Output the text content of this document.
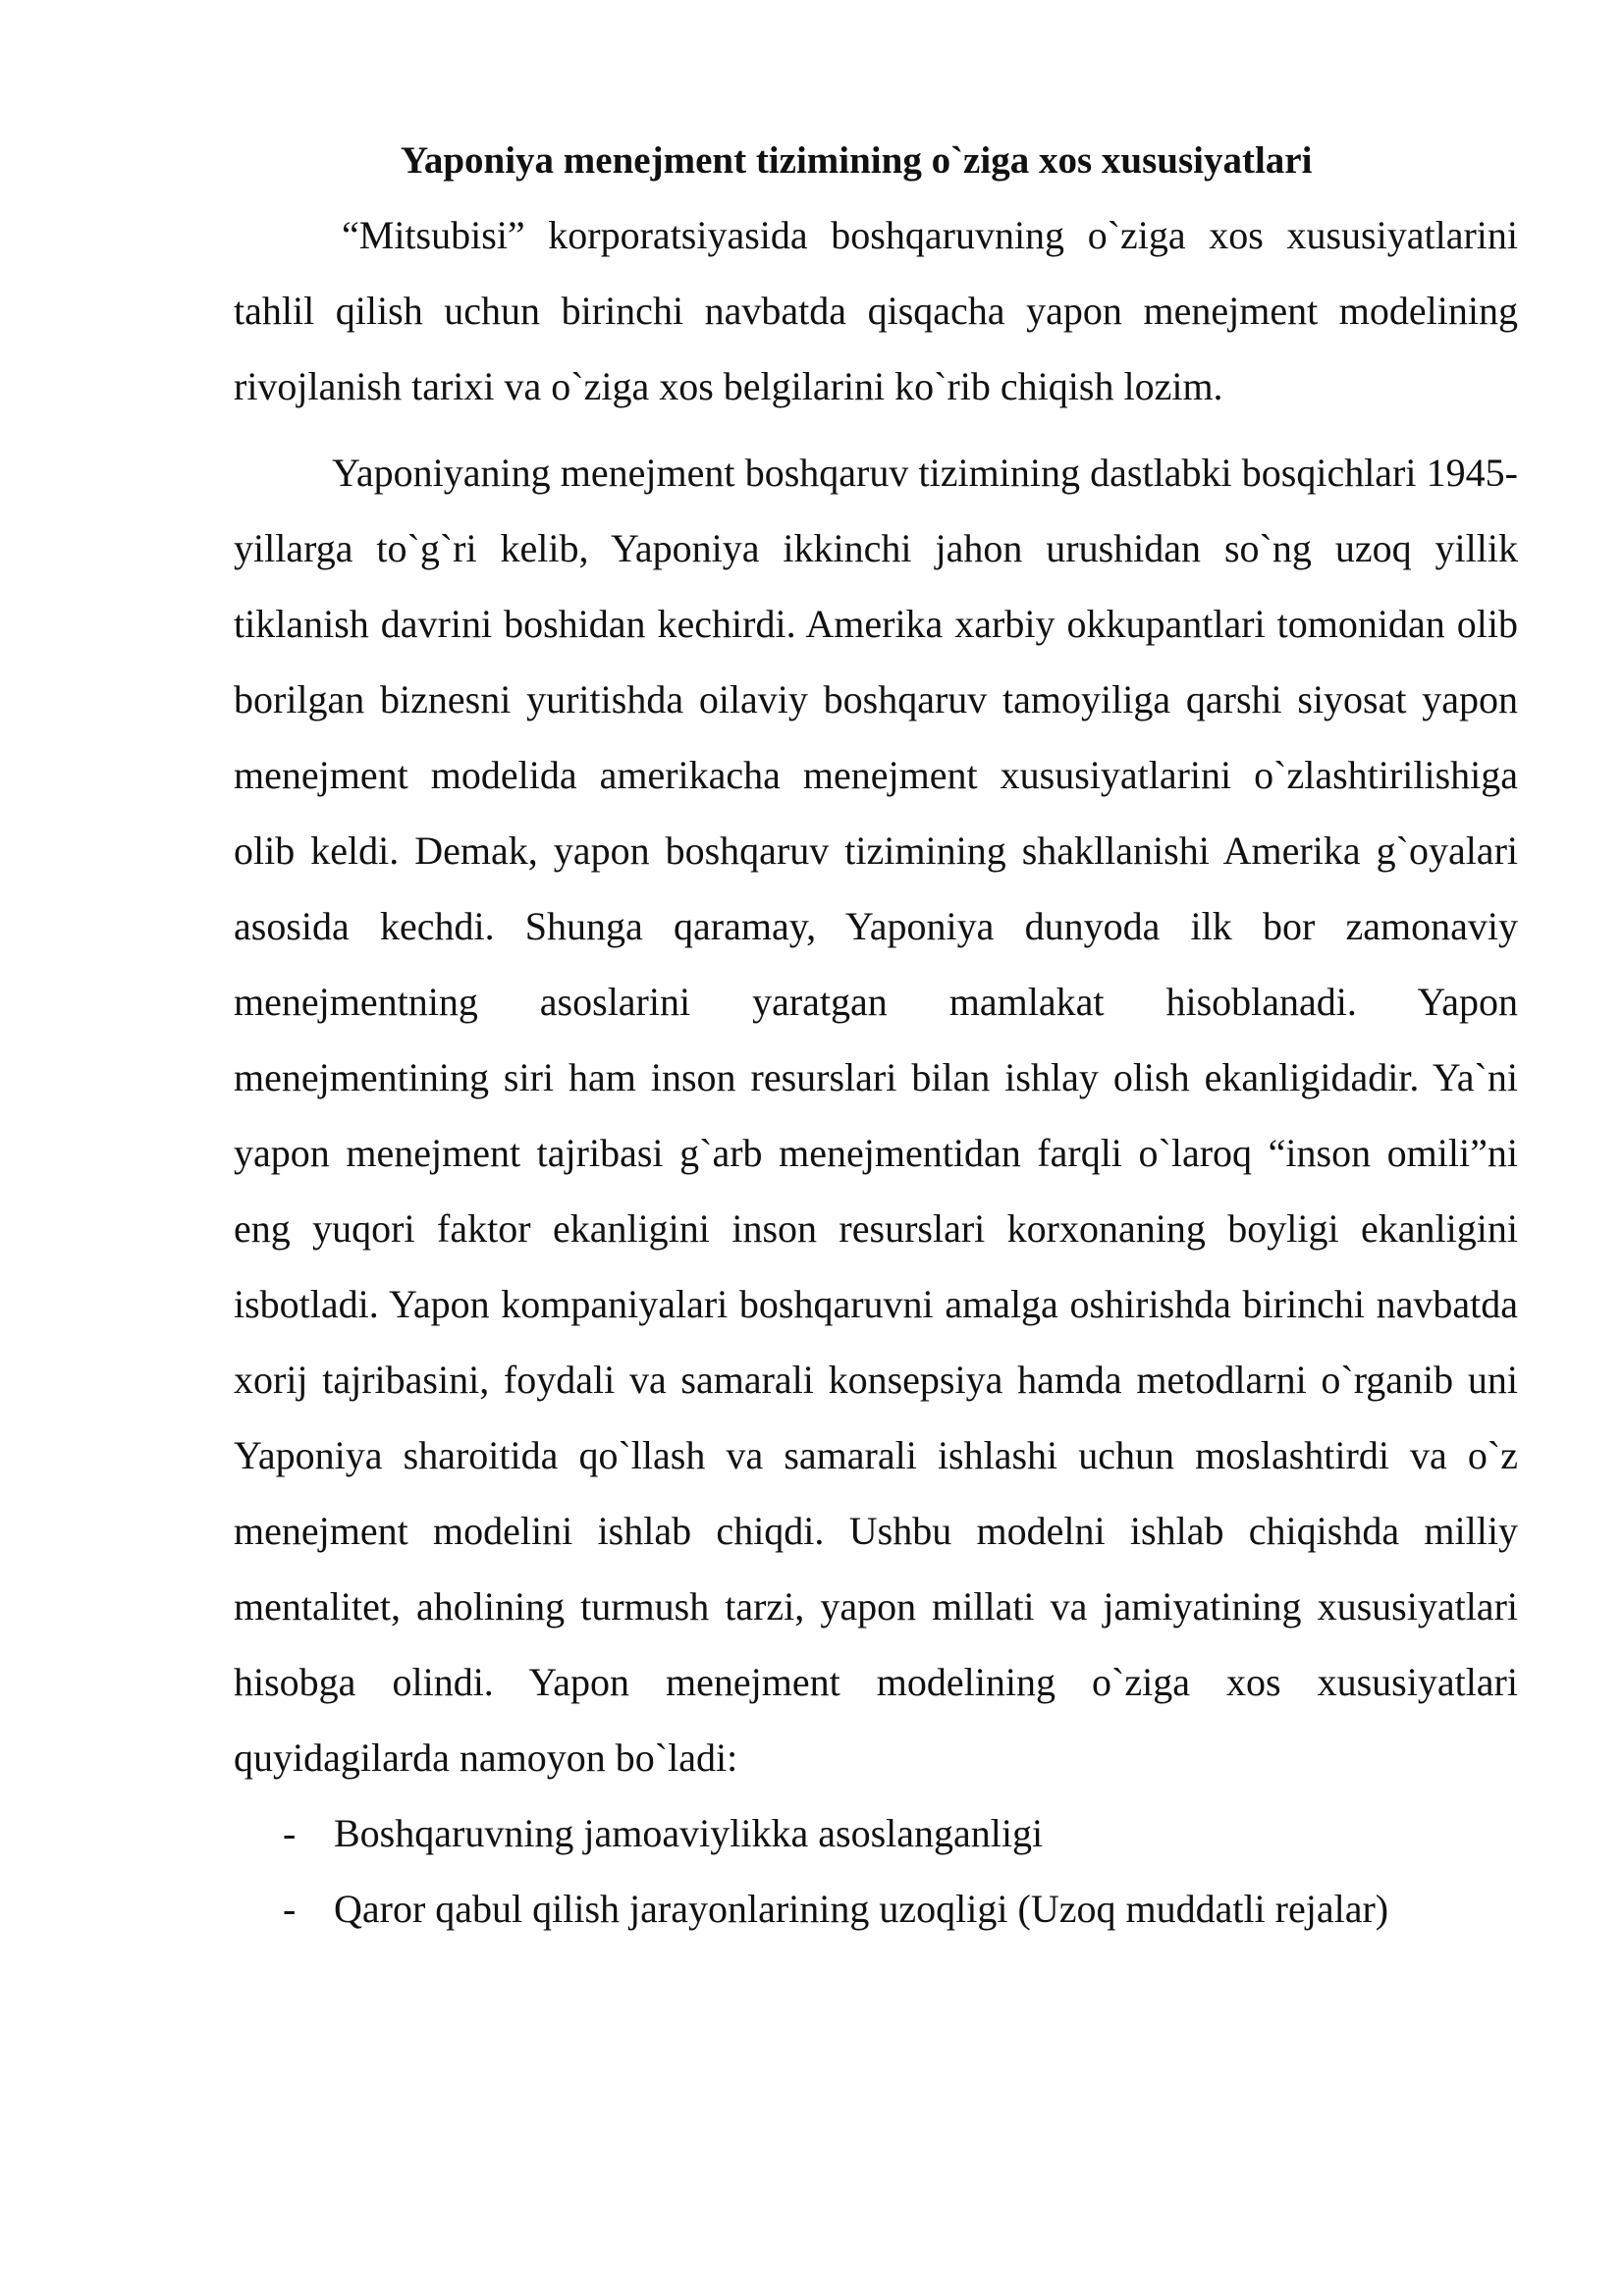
Yaponiya menejment tizimining o`ziga xos xususiyatlari

“Mitsubisi” korporatsiyasida boshqaruvning o`ziga xos xususiyatlarini tahlil qilish uchun birinchi navbatda qisqacha yapon menejment modelining rivojlanish tarixi va o`ziga xos belgilarini ko`rib chiqish lozim.

Yaponiyaning menejment boshqaruv tizimining dastlabki bosqichlari 1945-yillarga to`g`ri kelib, Yaponiya ikkinchi jahon urushidan so`ng uzoq yillik tiklanish davrini boshidan kechirdi. Amerika xarbiy okkupantlari tomonidan olib borilgan biznesni yuritishda oilaviy boshqaruv tamoyiliga qarshi siyosat yapon menejment modelida amerikacha menejment xususiyatlarini o`zlashtirilishiga olib keldi. Demak, yapon boshqaruv tizimining shakllanishi Amerika g`oyalari asosida kechdi. Shunga qaramay, Yaponiya dunyoda ilk bor zamonaviy menejmentning asoslarini yaratgan mamlakat hisoblanadi. Yapon menejmentining siri ham inson resurslari bilan ishlay olish ekanligidadir. Ya`ni yapon menejment tajribasi g`arb menejmentidan farqli o`laroq “inson omili”ni eng yuqori faktor ekanligini inson resurslari korxonaning boyligi ekanligini isbotladi. Yapon kompaniyalari boshqaruvni amalga oshirishda birinchi navbatda xorij tajribasini, foydali va samarali konsepsiya hamda metodlarni o`rganib uni Yaponiya sharoitida qo`llash va samarali ishlashi uchun moslashtirdi va o`z menejment modelini ishlab chiqdi. Ushbu modelni ishlab chiqishda milliy mentalitet, aholining turmush tarzi, yapon millati va jamiyatining xususiyatlari hisobga olindi. Yapon menejment modelining o`ziga xos xususiyatlari quyidagilarda namoyon bo`ladi:

- Boshqaruvning jamoaviylikka asoslanganligi
- Qaror qabul qilish jarayonlarining uzoqligi (Uzoq muddatli rejalar)
